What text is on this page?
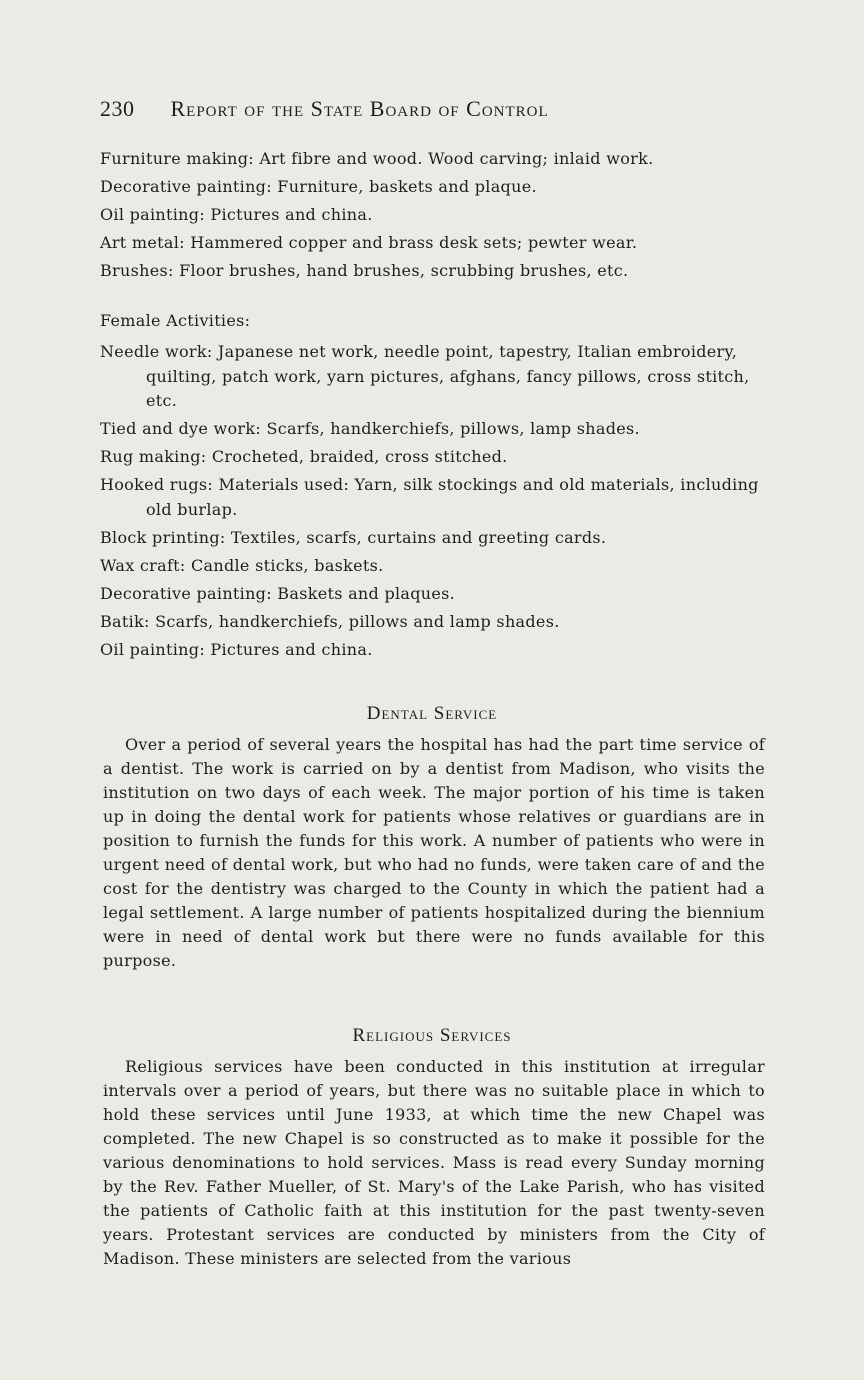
230 Report of the State Board of Control
Furniture making: Art fibre and wood. Wood carving; inlaid work.
Decorative painting: Furniture, baskets and plaque.
Oil painting: Pictures and china.
Art metal: Hammered copper and brass desk sets; pewter wear.
Brushes: Floor brushes, hand brushes, scrubbing brushes, etc.
Female Activities:
Needle work: Japanese net work, needle point, tapestry, Italian embroidery, quilting, patch work, yarn pictures, afghans, fancy pillows, cross stitch, etc.
Tied and dye work: Scarfs, handkerchiefs, pillows, lamp shades.
Rug making: Crocheted, braided, cross stitched.
Hooked rugs: Materials used: Yarn, silk stockings and old materials, including old burlap.
Block printing: Textiles, scarfs, curtains and greeting cards.
Wax craft: Candle sticks, baskets.
Decorative painting: Baskets and plaques.
Batik: Scarfs, handkerchiefs, pillows and lamp shades.
Oil painting: Pictures and china.
Dental Service
Over a period of several years the hospital has had the part time service of a dentist. The work is carried on by a dentist from Madison, who visits the institution on two days of each week. The major portion of his time is taken up in doing the dental work for patients whose relatives or guardians are in position to furnish the funds for this work. A number of patients who were in urgent need of dental work, but who had no funds, were taken care of and the cost for the dentistry was charged to the County in which the patient had a legal settlement. A large number of patients hospitalized during the biennium were in need of dental work but there were no funds available for this purpose.
Religious Services
Religious services have been conducted in this institution at irregular intervals over a period of years, but there was no suitable place in which to hold these services until June 1933, at which time the new Chapel was completed. The new Chapel is so constructed as to make it possible for the various denominations to hold services. Mass is read every Sunday morning by the Rev. Father Mueller, of St. Mary's of the Lake Parish, who has visited the patients of Catholic faith at this institution for the past twenty-seven years. Protestant services are conducted by ministers from the City of Madison. These ministers are selected from the various
